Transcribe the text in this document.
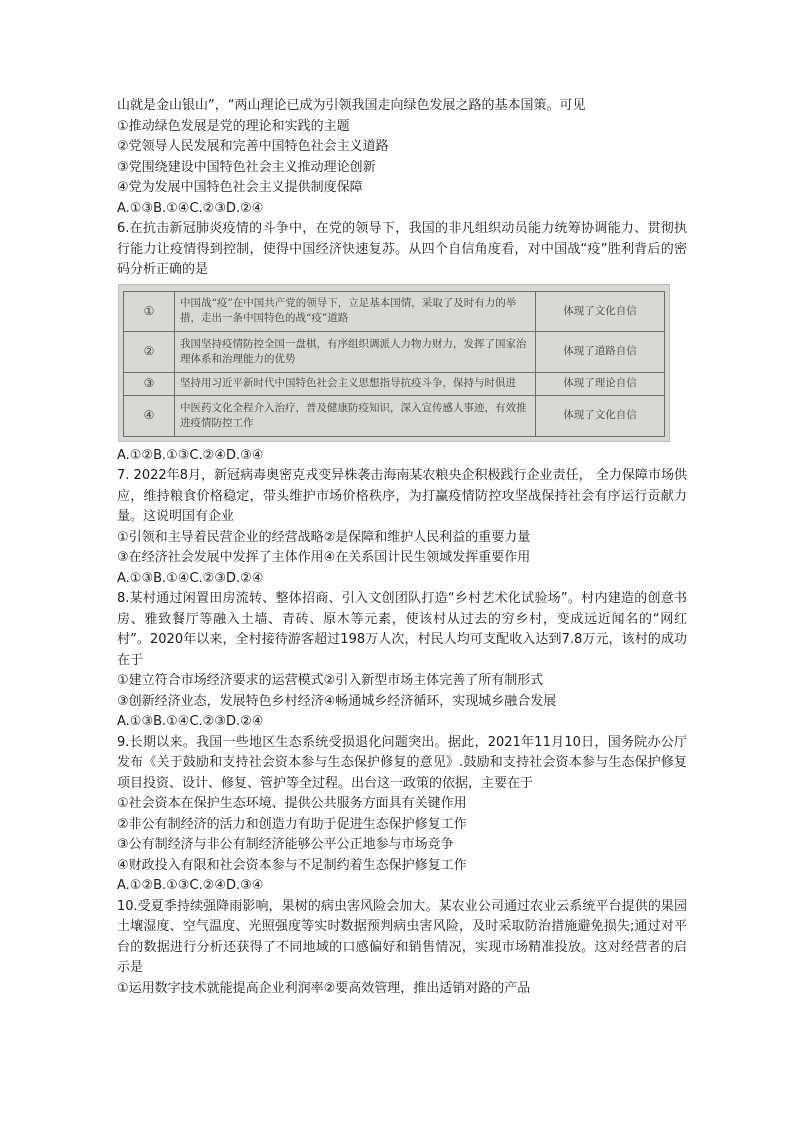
山就是金山银山”，“两山理论已成为引领我国走向绿色发展之路的基本国策。可见
①推动绿色发展是党的理论和实践的主题
②党领导人民发展和完善中国特色社会主义道路
③党围绕建设中国特色社会主义推动理论创新
④党为发展中国特色社会主义提供制度保障
A.①③B.①④C.②③D.②④
6.在抗击新冠肺炎疫情的斗争中，在党的领导下，我国的非凡组织动员能力统筹协调能力、贯彻执行能力让疫情得到控制，使得中国经济快速复苏。从四个自信角度看，对中国战“疫”胜利背后的密码分析正确的是
①	中国战“疫”在中国共产党的领导下，立足基本国情，采取了及时有力的举措，走出一条中国特色的战“疫”道路	体现了文化自信
②	我国坚持疫情防控全国一盘棋，有序组织调派人力物力财力，发挥了国家治理体系和治理能力的优势	体现了道路自信
③	坚持用习近平新时代中国特色社会主义思想指导抗疫斗争，保持与时俱进	体现了理论自信
④	中医药文化全程介入治疗，普及健康防疫知识，深入宣传感人事迹，有效推进疫情防控工作	体现了文化自信
A.①②B.①③C.②④D.③④
7. 2022年8月，新冠病毒奥密克戎变异株袭击海南某农粮央企积极践行企业责任， 全力保障市场供应，维持粮食价格稳定，带头维护市场价格秩序，为打赢疫情防控攻坚战保持社会有序运行贡献力量。这说明国有企业
①引领和主导着民营企业的经营战略②是保障和维护人民利益的重要力量
③在经济社会发展中发挥了主体作用④在关系国计民生领域发挥重要作用
A.①③B.①④C.②③D.②④
8.某村通过闲置田房流转、整体招商、引入文创团队打造“乡村艺术化试验场”。村内建造的创意书房、雅致餐厅等融入土墙、青砖、原木等元素，使该村从过去的穷乡村，变成远近闻名的“网红村”。2020年以来，全村接待游客超过198万人次，村民人均可支配收入达到7.8万元，该村的成功在于
①建立符合市场经济要求的运营模式②引入新型市场主体完善了所有制形式
③创新经济业态，发展特色乡村经济④畅通城乡经济循环，实现城乡融合发展
A.①③B.①④C.②③D.②④
9.长期以来。我国一些地区生态系统受损退化问题突出。据此，2021年11月10日，国务院办公厅发布《关于鼓励和支持社会资本参与生态保护修复的意见》.鼓励和支持社会资本参与生态保护修复项目投资、设计、修复、管护等全过程。出台这一政策的依据，主要在于
①社会资本在保护生态环境、提供公共服务方面具有关键作用
②非公有制经济的活力和创造力有助于促进生态保护修复工作
③公有制经济与非公有制经济能够公平公正地参与市场竞争
④财政投入有限和社会资本参与不足制约着生态保护修复工作
A.①②B.①③C.②④D.③④
10.受夏季持续强降雨影响，果树的病虫害风险会加大。某农业公司通过农业云系统平台提供的果园土壤湿度、空气温度、光照强度等实时数据预判病虫害风险，及时采取防治措施避免损失;通过对平台的数据进行分析还获得了不同地域的口感偏好和销售情况，实现市场精准投放。这对经营者的启示是
①运用数字技术就能提高企业利润率②要高效管理，推出适销对路的产品
